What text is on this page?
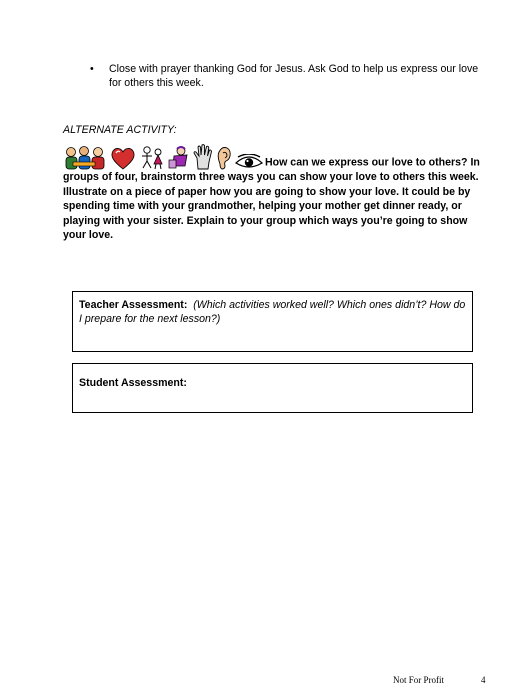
• Close with prayer thanking God for Jesus. Ask God to help us express our love for others this week.
ALTERNATE ACTIVITY:
How can we express our love to others? In groups of four, brainstorm three ways you can show your love to others this week. Illustrate on a piece of paper how you are going to show your love. It could be by spending time with your grandmother, helping your mother get dinner ready, or playing with your sister. Explain to your group which ways you’re going to show your love.
Teacher Assessment: (Which activities worked well? Which ones didn’t? How do I prepare for the next lesson?)
Student Assessment:
Not For Profit	4
